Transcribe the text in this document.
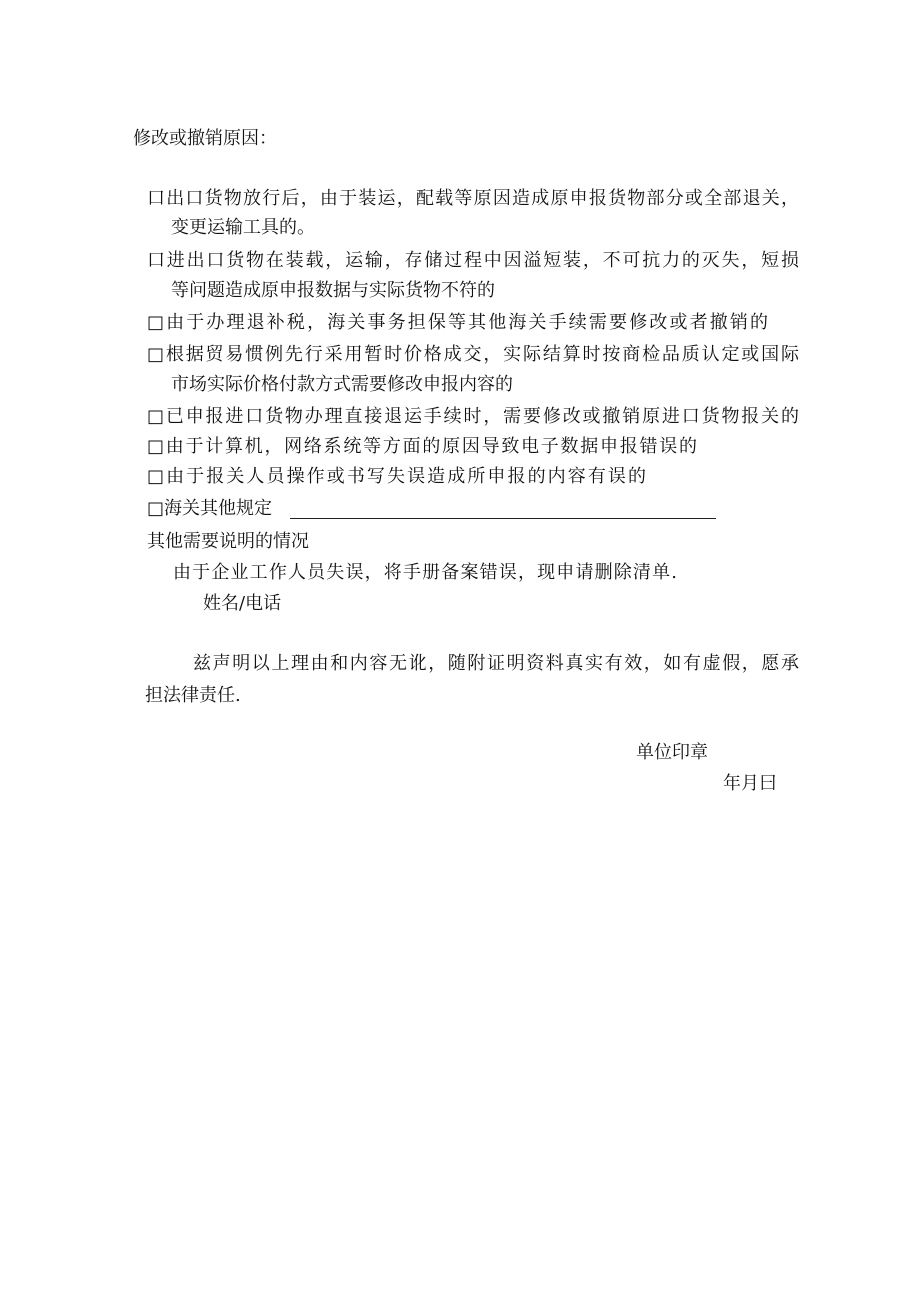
修改或撤销原因：
口出口货物放行后，由于装运，配载等原因造成原申报货物部分或全部退关，
变更运输工具的。
口进出口货物在装载，运输，存储过程中因溢短装，不可抗力的灭失，短损
等问题造成原申报数据与实际货物不符的
□由于办理退补税，海关事务担保等其他海关手续需要修改或者撤销的
□根据贸易惯例先行采用暂时价格成交，实际结算时按商检品质认定或国际
市场实际价格付款方式需要修改申报内容的
□已申报进口货物办理直接退运手续时，需要修改或撤销原进口货物报关的
□由于计算机，网络系统等方面的原因导致电子数据申报错误的
□由于报关人员操作或书写失误造成所申报的内容有误的
□海关其他规定
其他需要说明的情况
由于企业工作人员失误，将手册备案错误，现申请删除清单.
姓名/电话
兹声明以上理由和内容无讹，随附证明资料真实有效，如有虚假，愿承
担法律责任.
单位印章
年月曰
